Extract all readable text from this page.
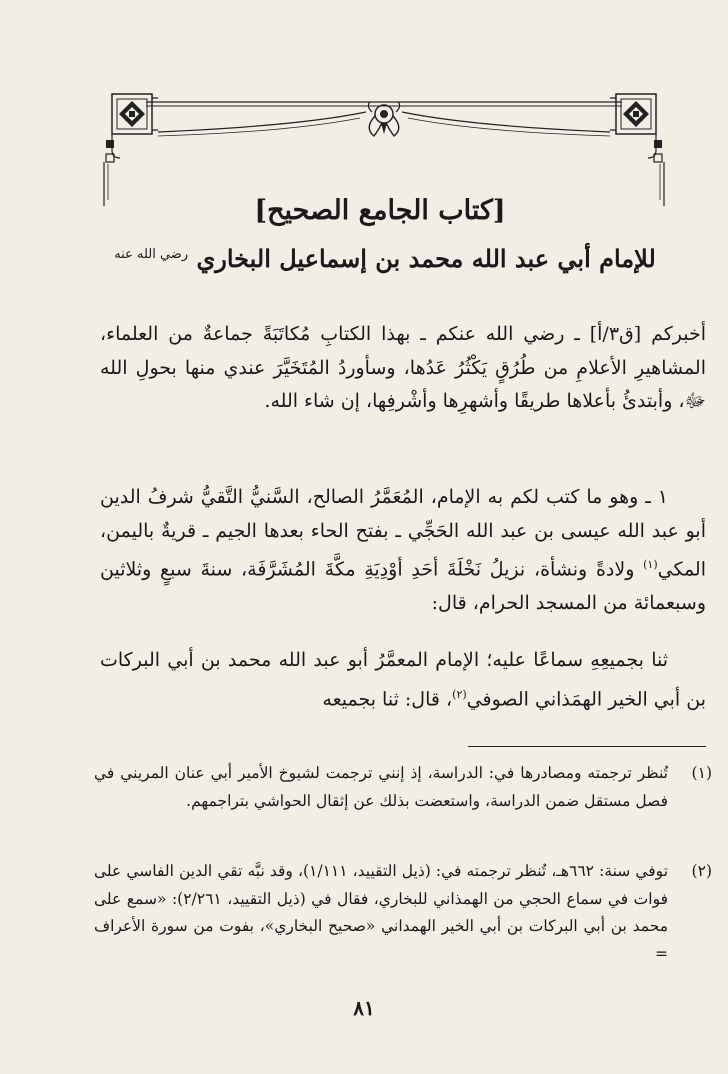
[كتاب الجامع الصحيح]
للإمام أبي عبد الله محمد بن إسماعيل البخاري $^{رضي الله عنه}$

أخبركم [ق٣/أ] ـ رضي الله عنكم ـ بهذا الكتابِ مُكاتَبَةً جماعةٌ من العلماء، المشاهيرِ الأعلامِ من طُرُقٍ يَكْثُرُ عَدُها، وسأوردُ المُتَخَيَّرَ عندي منها بحولِ الله ﷻ، وأبتدئُ بأعلاها طريقًا وأشهرِها وأشْرفِها، إن شاء الله.

  ١ ـ وهو ما كتب لكم به الإمام، المُعَمَّرُ الصالح، السَّنيُّ التَّقيُّ شرفُ الدين أبو عبد الله عيسى بن عبد الله الحَجِّي ـ بفتح الحاء بعدها الجيم ـ قريةٌ باليمن، المكي$^{(١)}$ ولادةً ونشأة، نزيلُ نَخْلَةَ أحَدِ أوْدِيَةِ مكَّةَ المُشَرَّفَة، سنةَ سبعٍ وثلاثين وسبعمائة من المسجد الحرام، قال:

  ثنا بجميعِهِ سماعًا عليه؛ الإمام المعمَّرُ أبو عبد الله محمد بن أبي البركات بن أبي الخير الهمَذاني الصوفي$^{(٢)}$، قال: ثنا بجميعه

(١)
تُنظر ترجمته ومصادرها في: الدراسة، إذ إنني ترجمت لشيوخ الأمير أبي عنان المريني في فصل مستقل ضمن الدراسة، واستعضت بذلك عن إثقال الحواشي بتراجمهم.
(٢)
توفي سنة: ٦٦٢هـ، تُنظر ترجمته في: (ذيل التقييد، ١/١١١)، وقد نبَّه تقي الدين الفاسي على فوات في سماع الحجي من الهمذاني للبخاري، فقال في (ذيل التقييد، ٢/٢٦١): «سمع على محمد بن أبي البركات بن أبي الخير الهمداني «صحيح البخاري»، بفوت من سورة الأعراف =
٨١
